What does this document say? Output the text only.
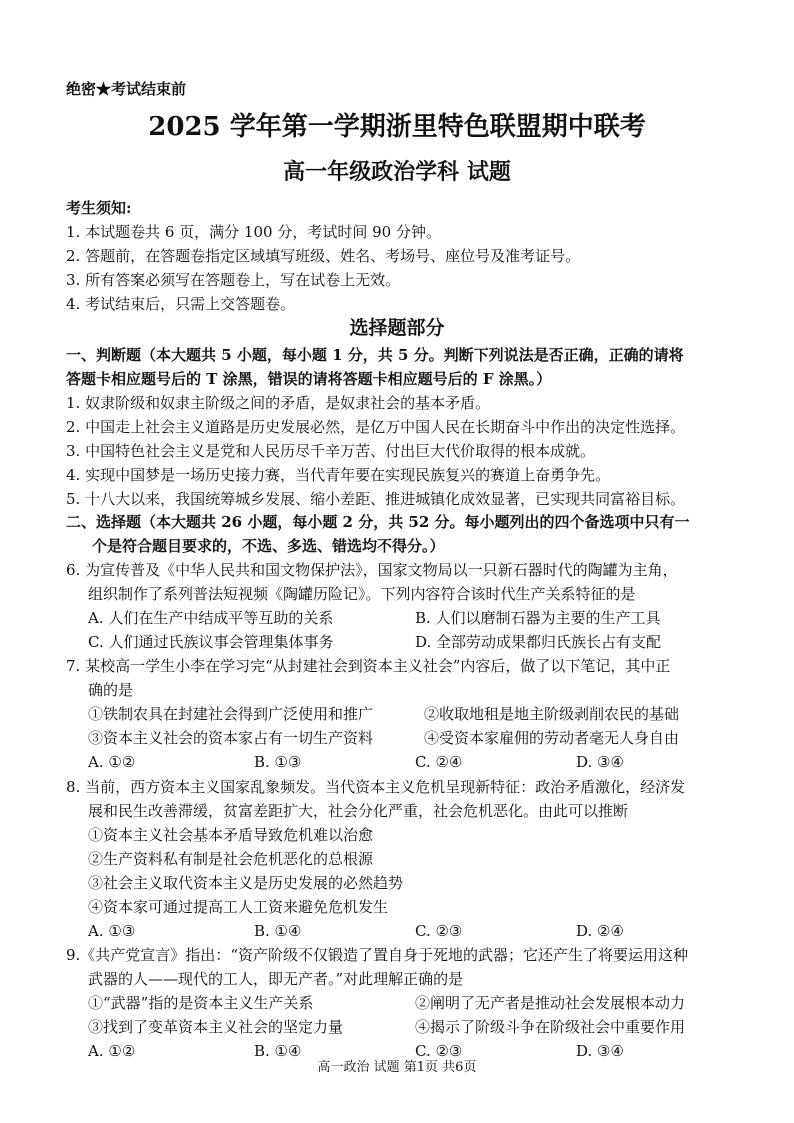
绝密★考试结束前
2025 学年第一学期浙里特色联盟期中联考
高一年级政治学科 试题
考生须知:
1. 本试题卷共 6 页，满分 100 分，考试时间 90 分钟。
2. 答题前，在答题卷指定区域填写班级、姓名、考场号、座位号及准考证号。
3. 所有答案必须写在答题卷上，写在试卷上无效。
4. 考试结束后，只需上交答题卷。
选择题部分
一、判断题（本大题共 5 小题，每小题 1 分，共 5 分。判断下列说法是否正确，正确的请将
答题卡相应题号后的 T 涂黑，错误的请将答题卡相应题号后的 F 涂黑。）
1. 奴隶阶级和奴隶主阶级之间的矛盾，是奴隶社会的基本矛盾。
2. 中国走上社会主义道路是历史发展必然，是亿万中国人民在长期奋斗中作出的决定性选择。
3. 中国特色社会主义是党和人民历尽千辛万苦、付出巨大代价取得的根本成就。
4. 实现中国梦是一场历史接力赛，当代青年要在实现民族复兴的赛道上奋勇争先。
5. 十八大以来，我国统筹城乡发展、缩小差距、推进城镇化成效显著，已实现共同富裕目标。
二、选择题（本大题共 26 小题，每小题 2 分，共 52 分。每小题列出的四个备选项中只有一
个是符合题目要求的，不选、多选、错选均不得分。）
6. 为宣传普及《中华人民共和国文物保护法》，国家文物局以一只新石器时代的陶罐为主角，
组织制作了系列普法短视频《陶罐历险记》。下列内容符合该时代生产关系特征的是
A. 人们在生产中结成平等互助的关系	B. 人们以磨制石器为主要的生产工具
C. 人们通过氏族议事会管理集体事务	D. 全部劳动成果都归氏族长占有支配
7. 某校高一学生小李在学习完“从封建社会到资本主义社会”内容后，做了以下笔记，其中正
确的是
①铁制农具在封建社会得到广泛使用和推广	②收取地租是地主阶级剥削农民的基础
③资本主义社会的资本家占有一切生产资料	④受资本家雇佣的劳动者毫无人身自由
A. ①②	B. ①③	C. ②④	D. ③④
8. 当前，西方资本主义国家乱象频发。当代资本主义危机呈现新特征：政治矛盾激化，经济发
展和民生改善滞缓，贫富差距扩大，社会分化严重，社会危机恶化。由此可以推断
①资本主义社会基本矛盾导致危机难以治愈
②生产资料私有制是社会危机恶化的总根源
③社会主义取代资本主义是历史发展的必然趋势
④资本家可通过提高工人工资来避免危机发生
A. ①③	B. ①④	C. ②③	D. ②④
9.《共产党宣言》指出：“资产阶级不仅锻造了置自身于死地的武器；它还产生了将要运用这种
武器的人——现代的工人，即无产者。”对此理解正确的是
①“武器”指的是资本主义生产关系	②阐明了无产者是推动社会发展根本动力
③找到了变革资本主义社会的坚定力量	④揭示了阶级斗争在阶级社会中重要作用
A. ①②	B. ①④	C. ②③	D. ③④
高一政治 试题 第1页 共6页
